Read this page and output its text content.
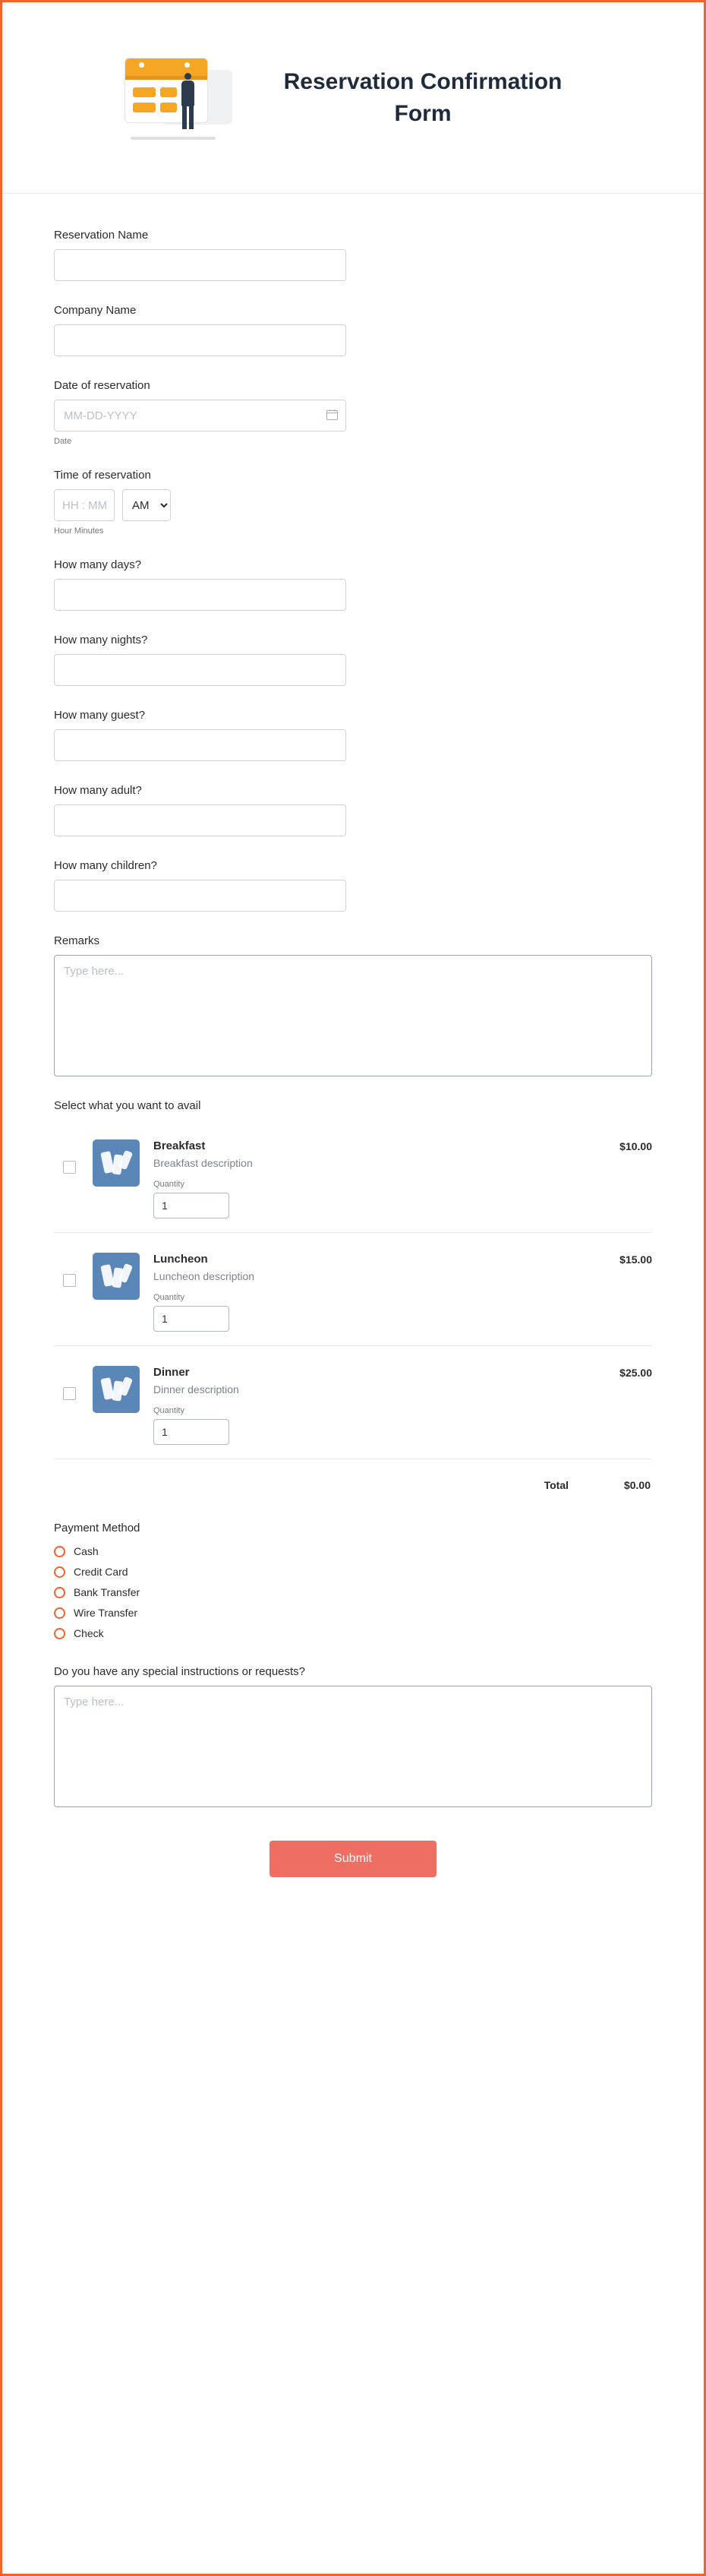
Reservation Confirmation Form
Reservation Name
Company Name
Date of reservation
MM-DD-YYYY
Date
Time of reservation
HH : MM
AM
Hour Minutes
How many days?
How many nights?
How many guest?
How many adult?
How many children?
Remarks
Type here...
Select what you want to avail
Breakfast
Breakfast description
Quantity
1
$10.00
Luncheon
Luncheon description
Quantity
1
$15.00
Dinner
Dinner description
Quantity
1
$25.00
Total	$0.00
Payment Method
Cash
Credit Card
Bank Transfer
Wire Transfer
Check
Do you have any special instructions or requests?
Type here...
Submit
